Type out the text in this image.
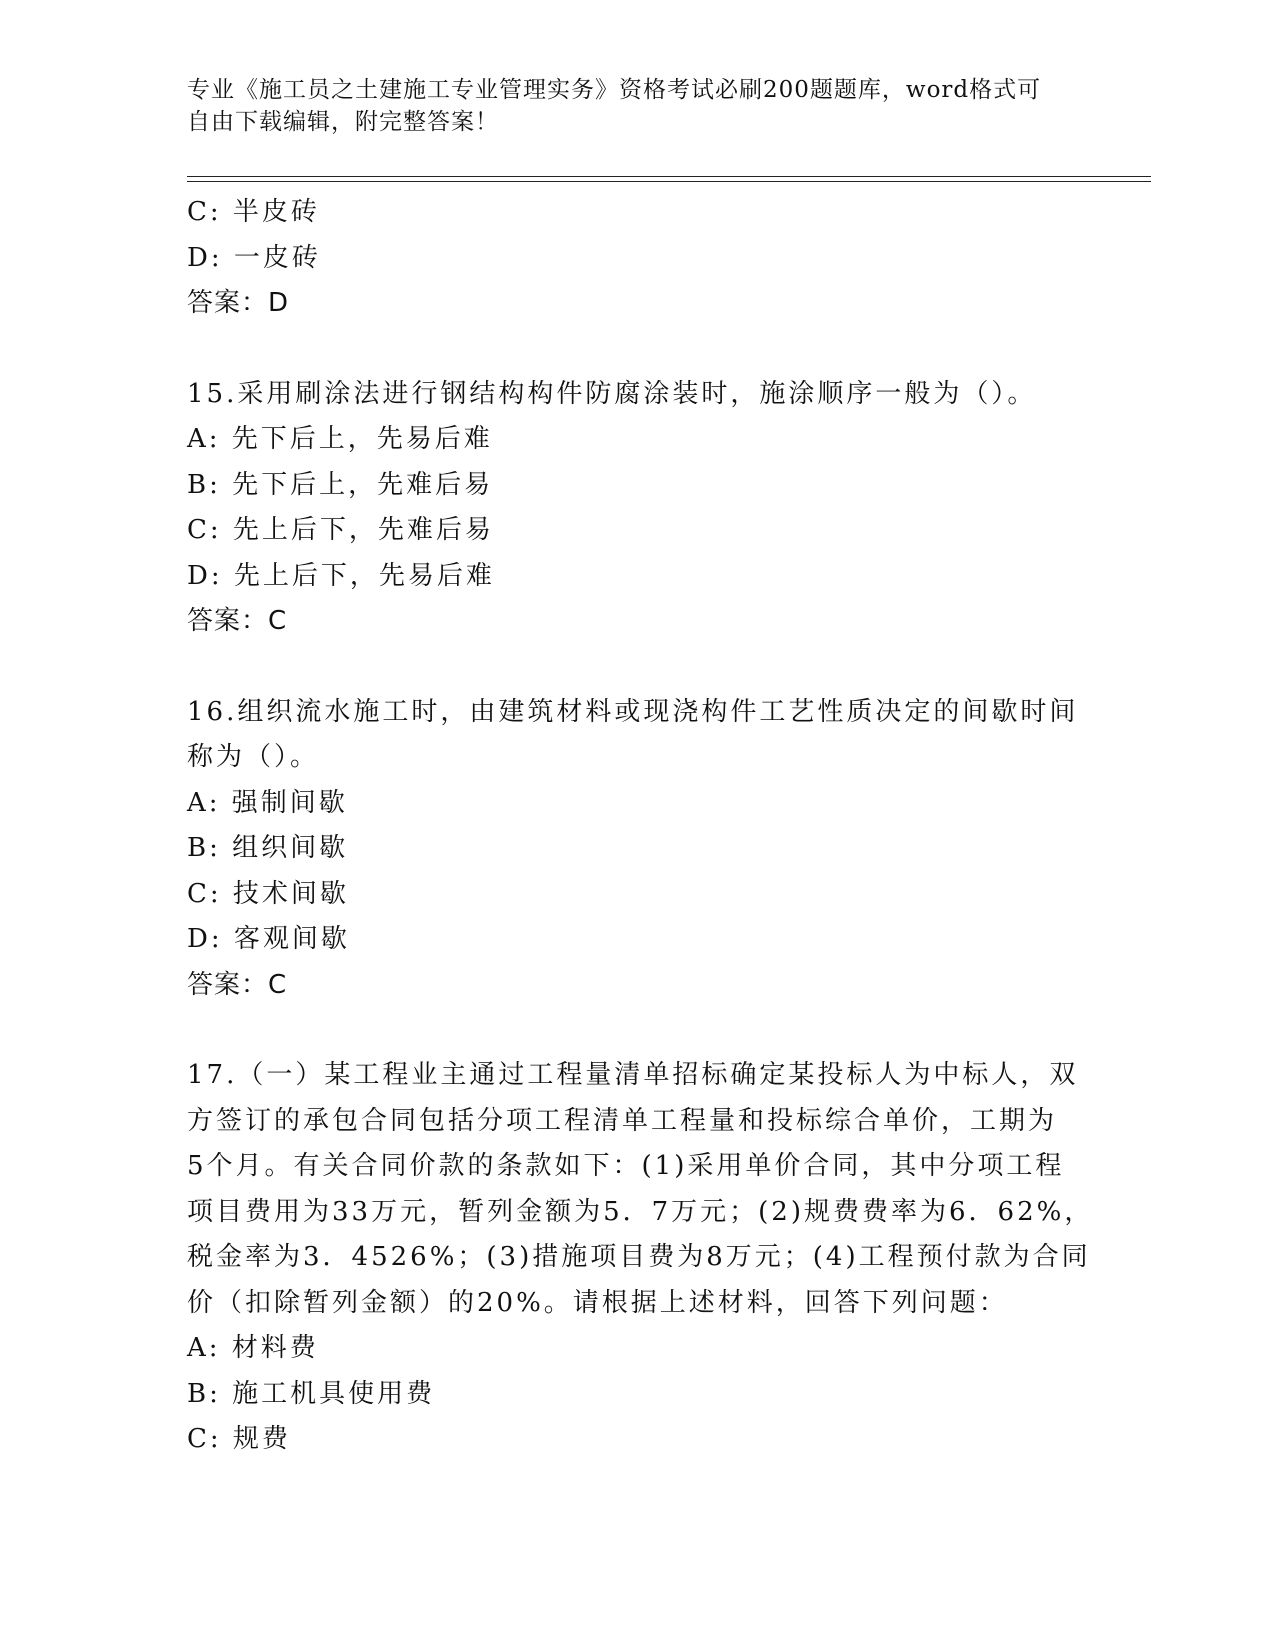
专业《施工员之土建施工专业管理实务》资格考试必刷200题题库，word格式可
自由下载编辑，附完整答案！
C: 半皮砖
D: 一皮砖
答案：D
15.采用刷涂法进行钢结构构件防腐涂装时，施涂顺序一般为（）。
A: 先下后上，先易后难
B: 先下后上，先难后易
C: 先上后下，先难后易
D: 先上后下，先易后难
答案：C
16.组织流水施工时，由建筑材料或现浇构件工艺性质决定的间歇时间
称为（）。
A: 强制间歇
B: 组织间歇
C: 技术间歇
D: 客观间歇
答案：C
17.（一）某工程业主通过工程量清单招标确定某投标人为中标人，双
方签订的承包合同包括分项工程清单工程量和投标综合单价，工期为
5个月。有关合同价款的条款如下：(1)采用单价合同，其中分项工程
项目费用为33万元，暂列金额为5．7万元；(2)规费费率为6．62%，
税金率为3．4526%；(3)措施项目费为8万元；(4)工程预付款为合同
价（扣除暂列金额）的20%。请根据上述材料，回答下列问题：
A: 材料费
B: 施工机具使用费
C: 规费
